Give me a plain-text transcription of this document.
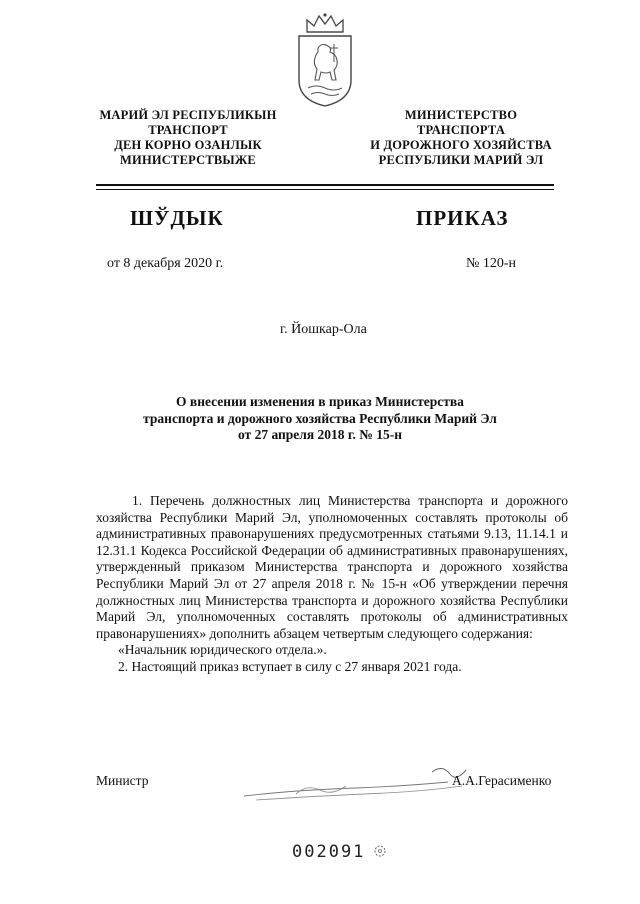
МАРИЙ ЭЛ РЕСПУБЛИКЫН
ТРАНСПОРТ
ДЕН КОРНО ОЗАНЛЫК
МИНИСТЕРСТВЫЖЕ
МИНИСТЕРСТВО
ТРАНСПОРТА
И ДОРОЖНОГО ХОЗЯЙСТВА
РЕСПУБЛИКИ МАРИЙ ЭЛ
ШЎДЫК	ПРИКАЗ
от 8 декабря 2020 г.	№ 120-н
г. Йошкар-Ола
О внесении изменения в приказ Министерства
транспорта и дорожного хозяйства Республики Марий Эл
от 27 апреля 2018 г. № 15-н

1. Перечень должностных лиц Министерства транспорта и дорожного хозяйства Республики Марий Эл, уполномоченных составлять протоколы об административных правонарушениях предусмотренных статьями 9.13, 11.14.1 и 12.31.1 Кодекса Российской Федерации об административных правонарушениях, утвержденный приказом Министерства транспорта и дорожного хозяйства Республики Марий Эл от 27 апреля 2018 г. № 15-н «Об утверждении перечня должностных лиц Министерства транспорта и дорожного хозяйства Республики Марий Эл, уполномоченных составлять протоколы об административных правонарушениях» дополнить абзацем четвертым следующего содержания:

«Начальник юридического отдела.».

2. Настоящий приказ вступает в силу с 27 января 2021 года.

Министр	А.А.Герасименко
002091
